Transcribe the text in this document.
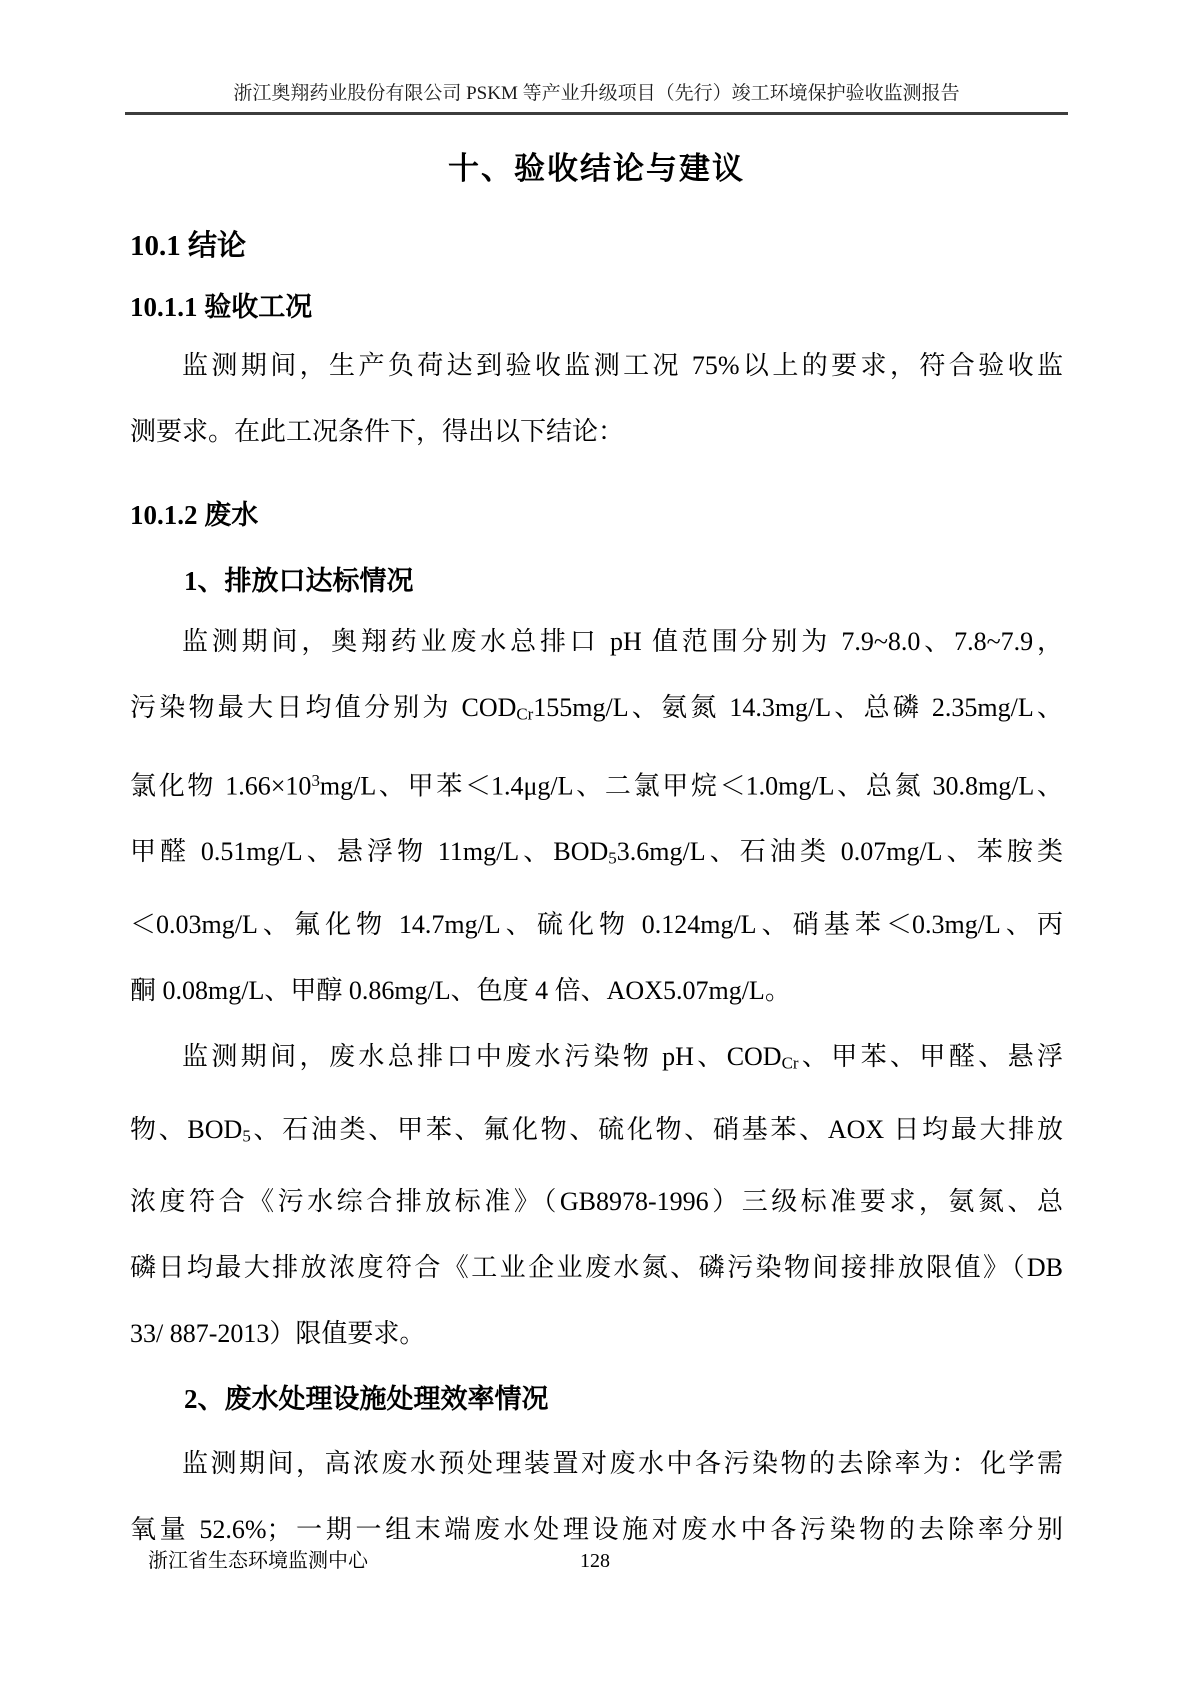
浙江奥翔药业股份有限公司 PSKM 等产业升级项目（先行）竣工环境保护验收监测报告
十、验收结论与建议
10.1 结论
10.1.1 验收工况
监测期间，生产负荷达到验收监测工况 75%以上的要求，符合验收监
测要求。在此工况条件下，得出以下结论：
10.1.2 废水
1、排放口达标情况
监测期间，奥翔药业废水总排口 pH 值范围分别为 7.9~8.0、7.8~7.9，
污染物最大日均值分别为 $COD_{Cr}155mg/L$、氨氮 14.3mg/L、总磷 2.35mg/L、
氯化物 $1.66\times 10^3mg/L$、甲苯＜1.4μg/L、二氯甲烷＜1.0mg/L、总氮 30.8mg/L、
甲醛 0.51mg/L、悬浮物 11mg/L、$BOD_53.6mg/L$、石油类 0.07mg/L、苯胺类
＜0.03mg/L、氟化物 14.7mg/L、硫化物 0.124mg/L、硝基苯＜0.3mg/L、丙
酮 0.08mg/L、甲醇 0.86mg/L、色度 4 倍、AOX5.07mg/L。
监测期间，废水总排口中废水污染物 pH、$COD_{Cr}$、甲苯、甲醛、悬浮
物、$BOD_5$、石油类、甲苯、氟化物、硫化物、硝基苯、AOX 日均最大排放
浓度符合《污水综合排放标准》（GB8978-1996）三级标准要求，氨氮、总
磷日均最大排放浓度符合《工业企业废水氮、磷污染物间接排放限值》（DB
33/ 887-2013）限值要求。
2、废水处理设施处理效率情况
监测期间，高浓废水预处理装置对废水中各污染物的去除率为：化学需
氧量 52.6%；一期一组末端废水处理设施对废水中各污染物的去除率分别
浙江省生态环境监测中心	128
